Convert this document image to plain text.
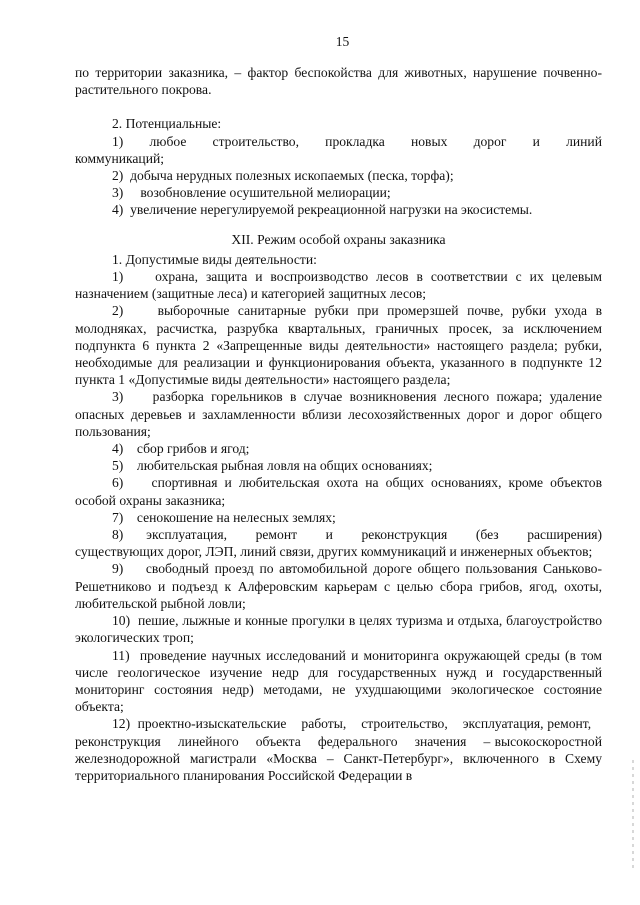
15

по территории заказника, – фактор беспокойства для животных, нарушение почвенно-растительного покрова.

2. Потенциальные:

1)    любое    строительство,    прокладка    новых    дорог    и    линий коммуникаций;

2)  добыча нерудных полезных ископаемых (песка, торфа);

3)     возобновление осушительной мелиорации;

4)  увеличение нерегулируемой рекреационной нагрузки на экосистемы.

XII. Режим особой охраны заказника

1. Допустимые виды деятельности:

1)    охрана, защита и воспроизводство лесов в соответствии с их целевым назначением (защитные леса) и категорией защитных лесов;

2)    выборочные санитарные рубки при промерзшей почве, рубки ухода в молодняках, расчистка, разрубка квартальных, граничных просек, за исключением подпункта 6 пункта 2 «Запрещенные виды деятельности» настоящего раздела; рубки, необходимые для реализации и функционирования объекта, указанного в подпункте 12 пункта 1 «Допустимые виды деятельности» настоящего раздела;

3)    разборка горельников в случае возникновения лесного пожара; удаление опасных деревьев и захламленности вблизи лесохозяйственных дорог и дорог общего пользования;

4)    сбор грибов и ягод;

5)    любительская рыбная ловля на общих основаниях;

6)    спортивная и любительская охота на общих основаниях, кроме объектов особой охраны заказника;

7)    сенокошение на нелесных землях;

8)    эксплуатация,     ремонт     и     реконструкция     (без     расширения) существующих дорог, ЛЭП, линий связи, других коммуникаций и инженерных объектов;

9)    свободный проезд по автомобильной дороге общего пользования Саньково-Решетниково и подъезд к Алферовским карьерам с целью сбора грибов, ягод, охоты, любительской рыбной ловли;

10)  пешие, лыжные и конные прогулки в целях туризма и отдыха, благоустройство экологических троп;

11)  проведение научных исследований и мониторинга окружающей среды (в том числе геологическое изучение недр для государственных нужд и государственный мониторинг состояния недр) методами, не ухудшающими экологическое состояние объекта;

12)  проектно-изыскательские    работы,    строительство,    эксплуатация, ремонт,    реконструкция    линейного    объекта    федерального    значения    – высокоскоростной железнодорожной магистрали «Москва – Санкт-Петербург», включенного в Схему территориального планирования Российской Федерации в
